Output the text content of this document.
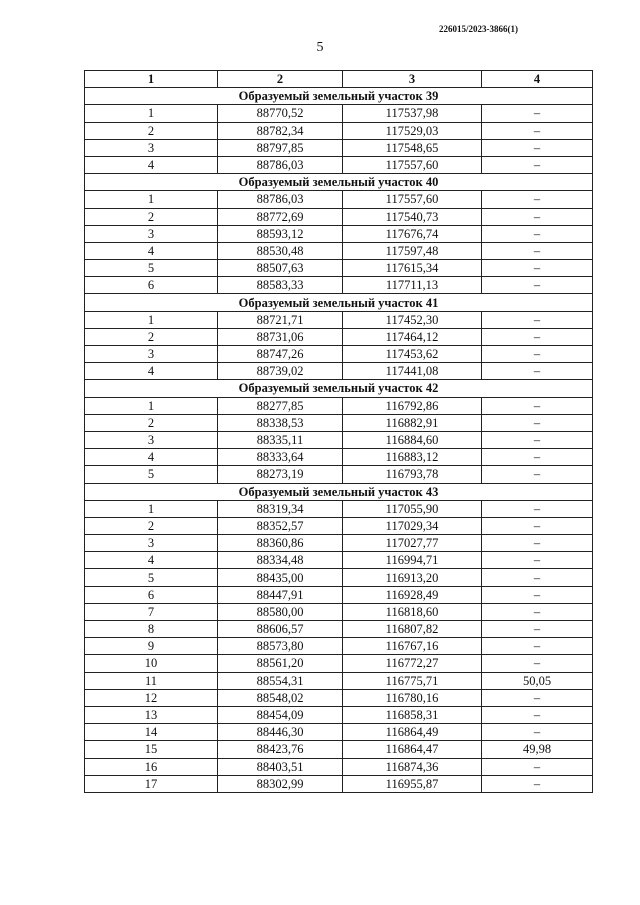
226015/2023-3866(1)
5
1	2	3	4
Образуемый земельный участок 39			
1	88770,52	117537,98	–
2	88782,34	117529,03	–
3	88797,85	117548,65	–
4	88786,03	117557,60	–
Образуемый земельный участок 40			
1	88786,03	117557,60	–
2	88772,69	117540,73	–
3	88593,12	117676,74	–
4	88530,48	117597,48	–
5	88507,63	117615,34	–
6	88583,33	117711,13	–
Образуемый земельный участок 41			
1	88721,71	117452,30	–
2	88731,06	117464,12	–
3	88747,26	117453,62	–
4	88739,02	117441,08	–
Образуемый земельный участок 42			
1	88277,85	116792,86	–
2	88338,53	116882,91	–
3	88335,11	116884,60	–
4	88333,64	116883,12	–
5	88273,19	116793,78	–
Образуемый земельный участок 43			
1	88319,34	117055,90	–
2	88352,57	117029,34	–
3	88360,86	117027,77	–
4	88334,48	116994,71	–
5	88435,00	116913,20	–
6	88447,91	116928,49	–
7	88580,00	116818,60	–
8	88606,57	116807,82	–
9	88573,80	116767,16	–
10	88561,20	116772,27	–
11	88554,31	116775,71	50,05
12	88548,02	116780,16	–
13	88454,09	116858,31	–
14	88446,30	116864,49	–
15	88423,76	116864,47	49,98
16	88403,51	116874,36	–
17	88302,99	116955,87	–
